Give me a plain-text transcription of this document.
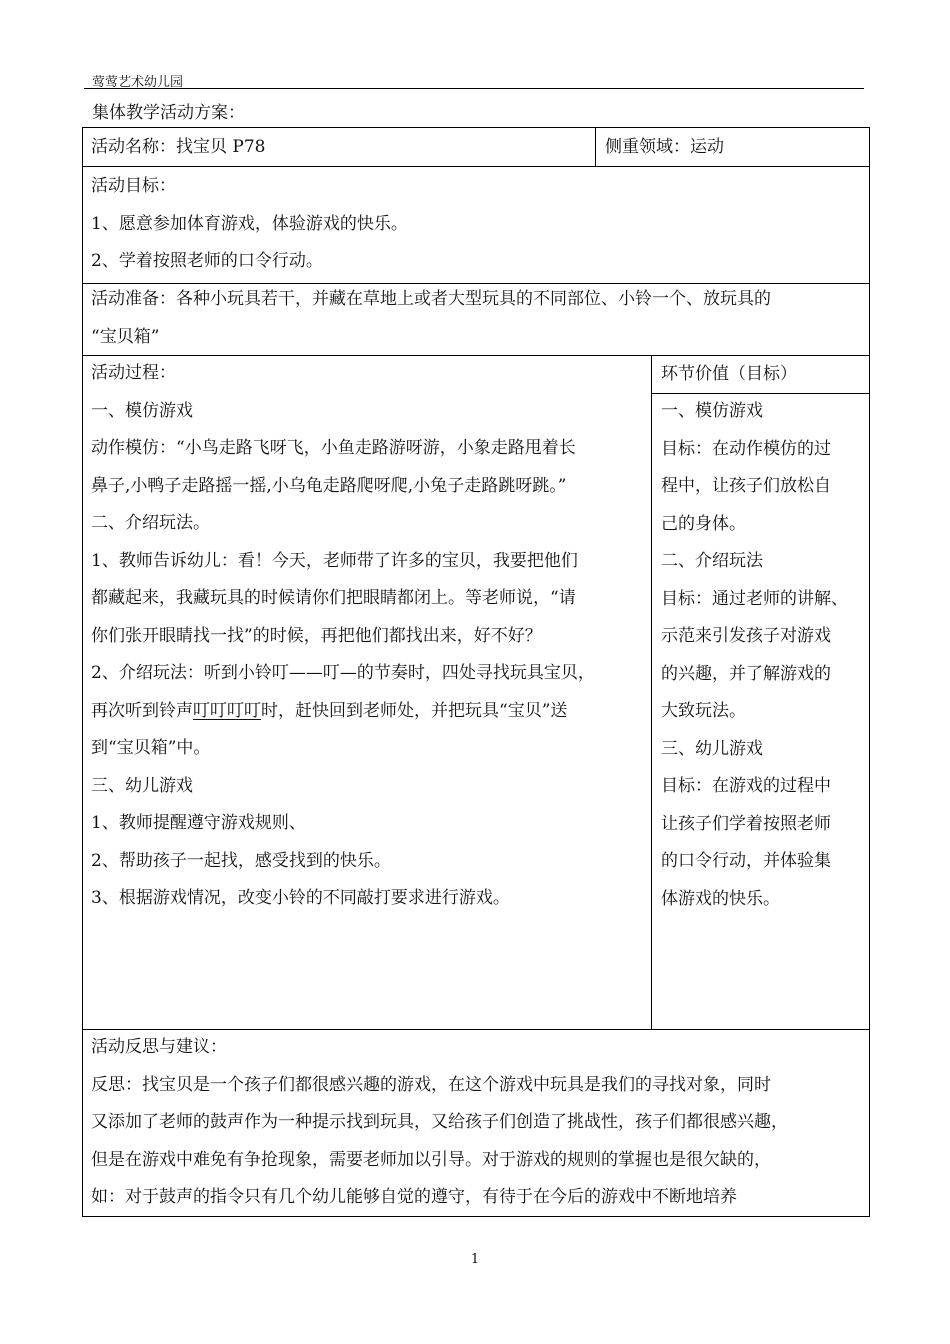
莺莺艺术幼儿园
集体教学活动方案：
活动名称：找宝贝 P78	侧重领域：运动
活动目标：
1、愿意参加体育游戏，体验游戏的快乐。
2、学着按照老师的口令行动。
活动准备：各种小玩具若干，并藏在草地上或者大型玩具的不同部位、小铃一个、放玩具的
“宝贝箱”
活动过程：
一、模仿游戏
动作模仿：“小鸟走路飞呀飞，小鱼走路游呀游，小象走路甩着长
鼻子,小鸭子走路摇一摇,小乌龟走路爬呀爬,小兔子走路跳呀跳。”
二、介绍玩法。
1、教师告诉幼儿：看！今天，老师带了许多的宝贝，我要把他们
都藏起来，我藏玩具的时候请你们把眼睛都闭上。等老师说，“请
你们张开眼睛找一找”的时候，再把他们都找出来，好不好？
2、介绍玩法：听到小铃叮——叮—的节奏时，四处寻找玩具宝贝，
再次听到铃声叮叮叮叮时，赶快回到老师处，并把玩具“宝贝”送
到“宝贝箱”中。
三、幼儿游戏
1、教师提醒遵守游戏规则、
2、帮助孩子一起找，感受找到的快乐。
3、根据游戏情况，改变小铃的不同敲打要求进行游戏。
环节价值（目标）
一、模仿游戏
目标：在动作模仿的过
程中，让孩子们放松自
己的身体。
二、介绍玩法
目标：通过老师的讲解、
示范来引发孩子对游戏
的兴趣，并了解游戏的
大致玩法。
三、幼儿游戏
目标：在游戏的过程中
让孩子们学着按照老师
的口令行动，并体验集
体游戏的快乐。
活动反思与建议：
反思：找宝贝是一个孩子们都很感兴趣的游戏，在这个游戏中玩具是我们的寻找对象，同时
又添加了老师的鼓声作为一种提示找到玩具，又给孩子们创造了挑战性，孩子们都很感兴趣，
但是在游戏中难免有争抢现象，需要老师加以引导。对于游戏的规则的掌握也是很欠缺的，
如：对于鼓声的指令只有几个幼儿能够自觉的遵守，有待于在今后的游戏中不断地培养
1
